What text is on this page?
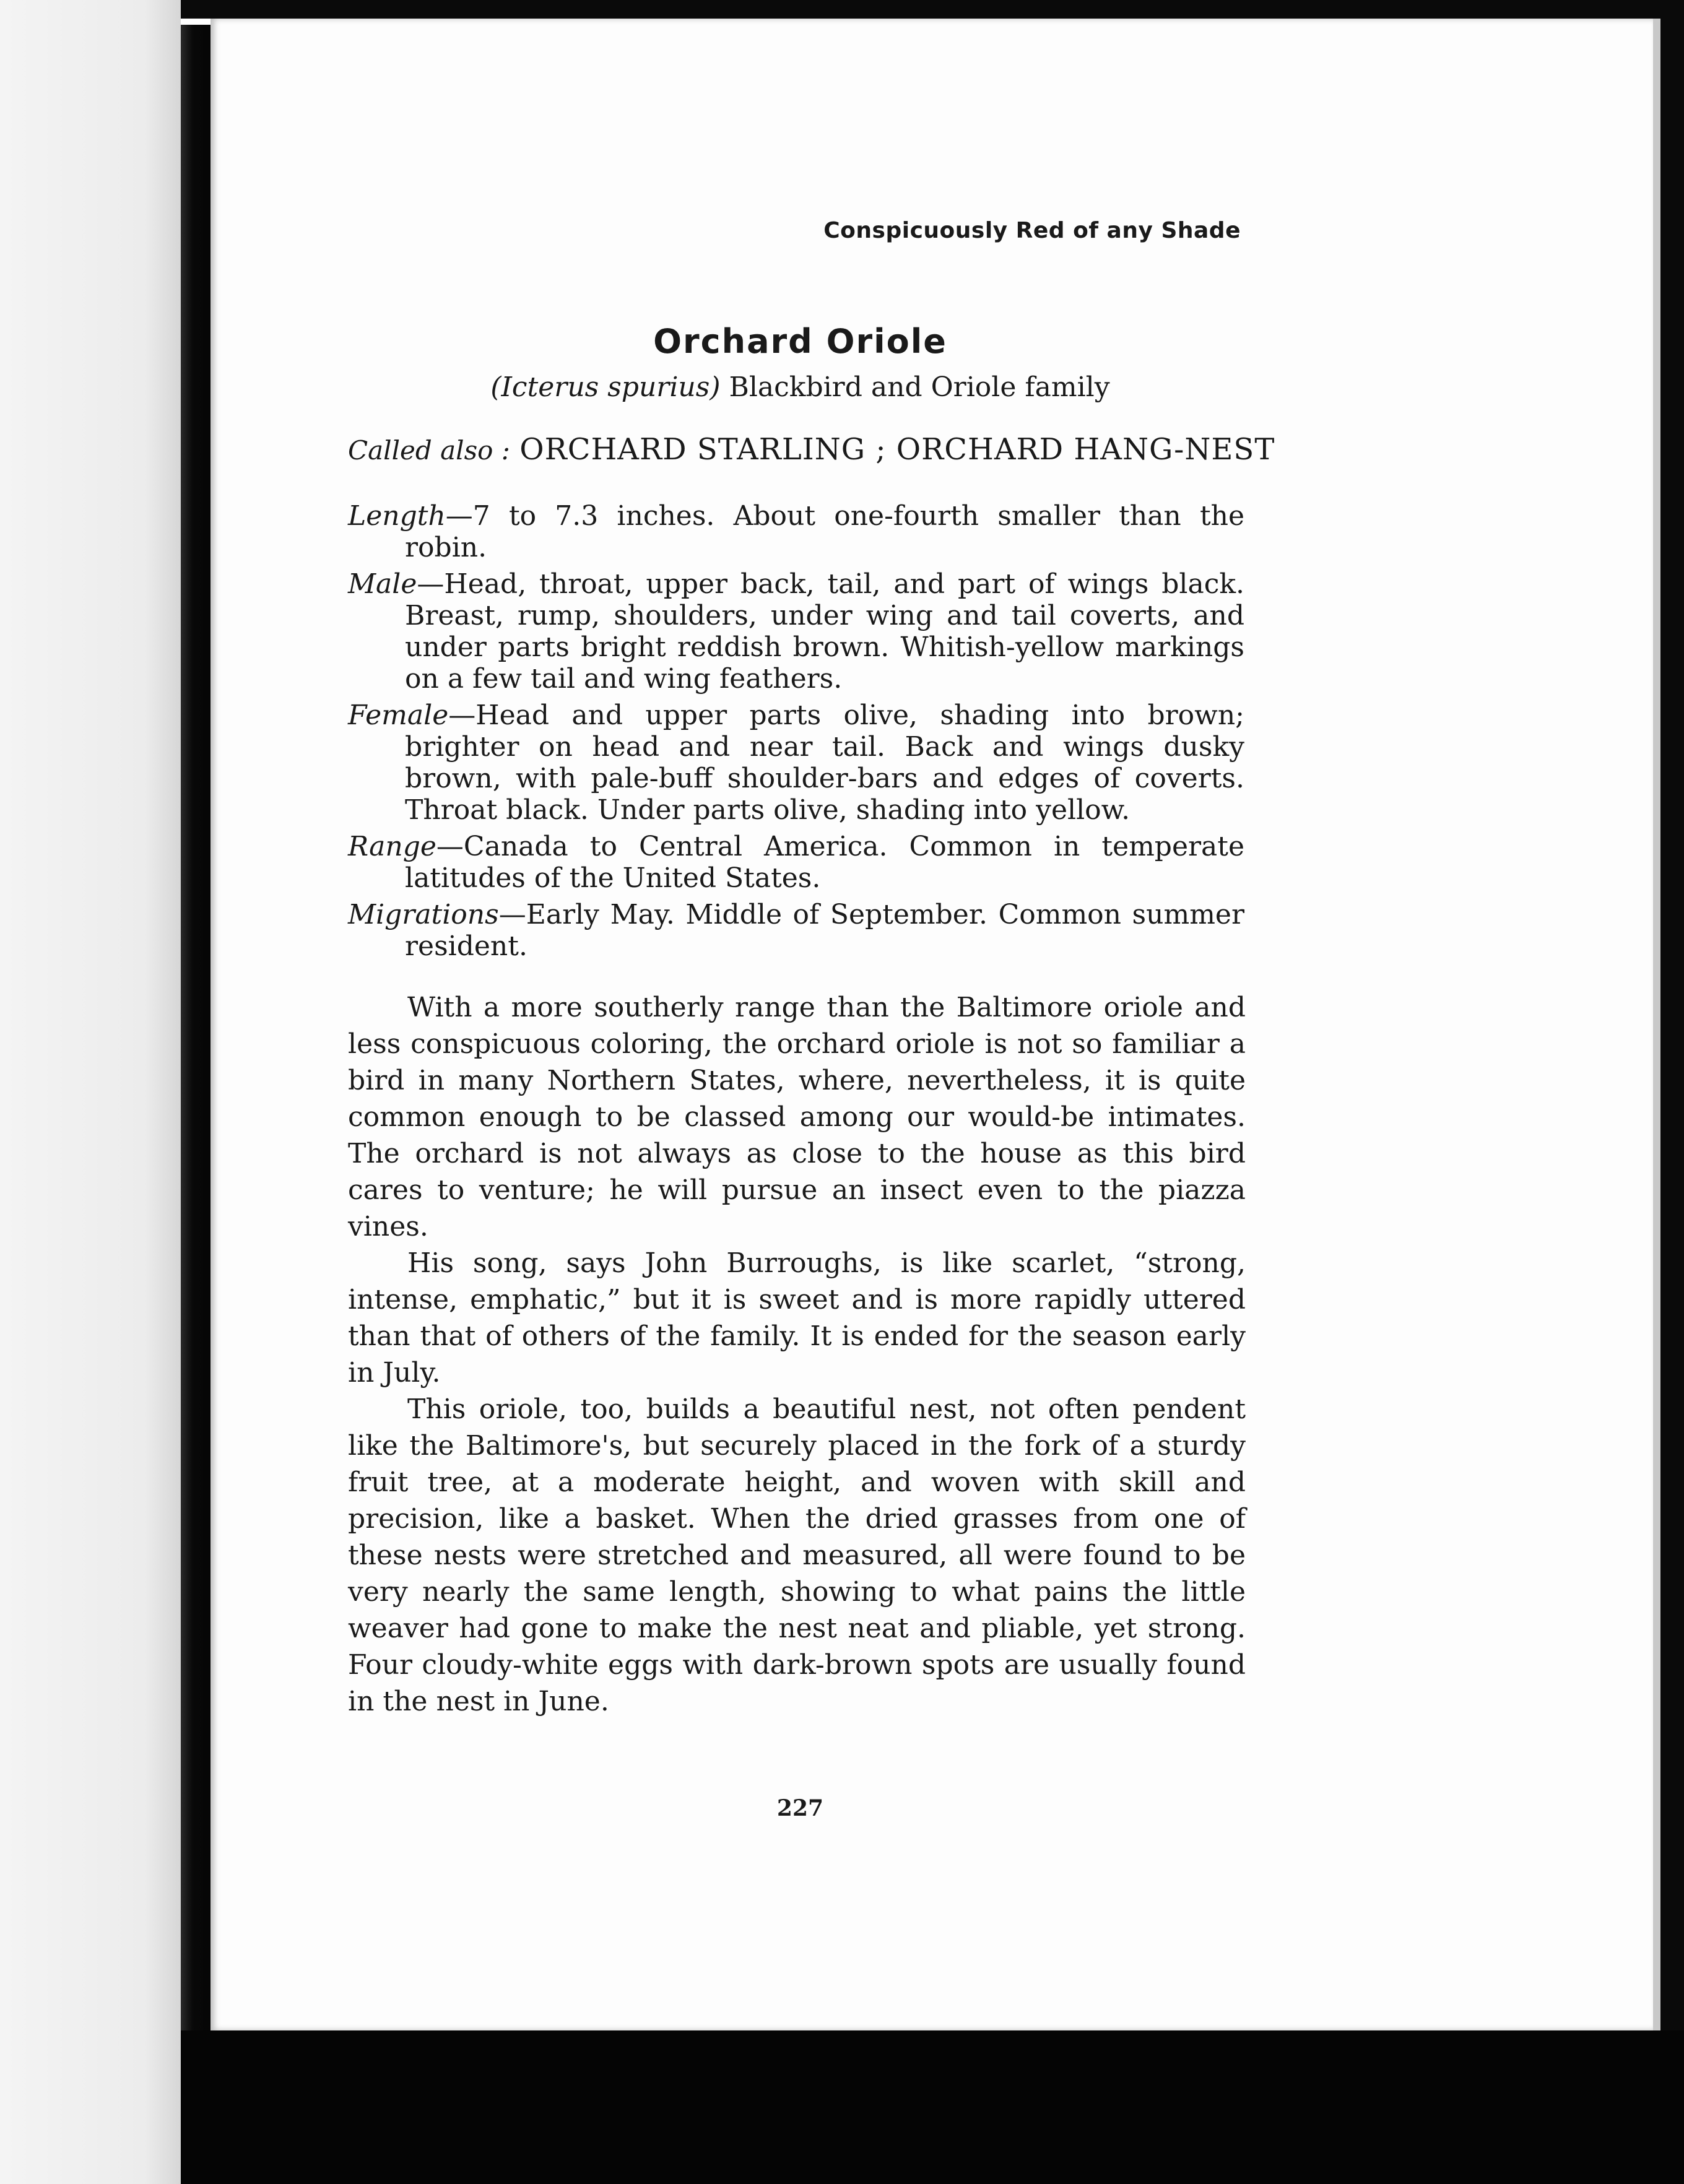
Conspicuously Red of any Shade
Orchard Oriole
(Icterus spurius) Blackbird and Oriole family
Called also : ORCHARD STARLING ; ORCHARD HANG-NEST

Length—7 to 7.3 inches. About one-fourth smaller than the robin.

Male—Head, throat, upper back, tail, and part of wings black. Breast, rump, shoulders, under wing and tail coverts, and under parts bright reddish brown. Whitish-yellow markings on a few tail and wing feathers.

Female—Head and upper parts olive, shading into brown; brighter on head and near tail. Back and wings dusky brown, with pale-buff shoulder-bars and edges of coverts. Throat black. Under parts olive, shading into yellow.

Range—Canada to Central America. Common in temperate latitudes of the United States.

Migrations—Early May. Middle of September. Common summer resident.

With a more southerly range than the Baltimore oriole and less conspicuous coloring, the orchard oriole is not so familiar a bird in many Northern States, where, nevertheless, it is quite common enough to be classed among our would-be intimates. The orchard is not always as close to the house as this bird cares to venture; he will pursue an insect even to the piazza vines.

His song, says John Burroughs, is like scarlet, “strong, intense, emphatic,” but it is sweet and is more rapidly uttered than that of others of the family. It is ended for the season early in July.

This oriole, too, builds a beautiful nest, not often pendent like the Baltimore's, but securely placed in the fork of a sturdy fruit tree, at a moderate height, and woven with skill and precision, like a basket. When the dried grasses from one of these nests were stretched and measured, all were found to be very nearly the same length, showing to what pains the little weaver had gone to make the nest neat and pliable, yet strong. Four cloudy-white eggs with dark-brown spots are usually found in the nest in June.

227
